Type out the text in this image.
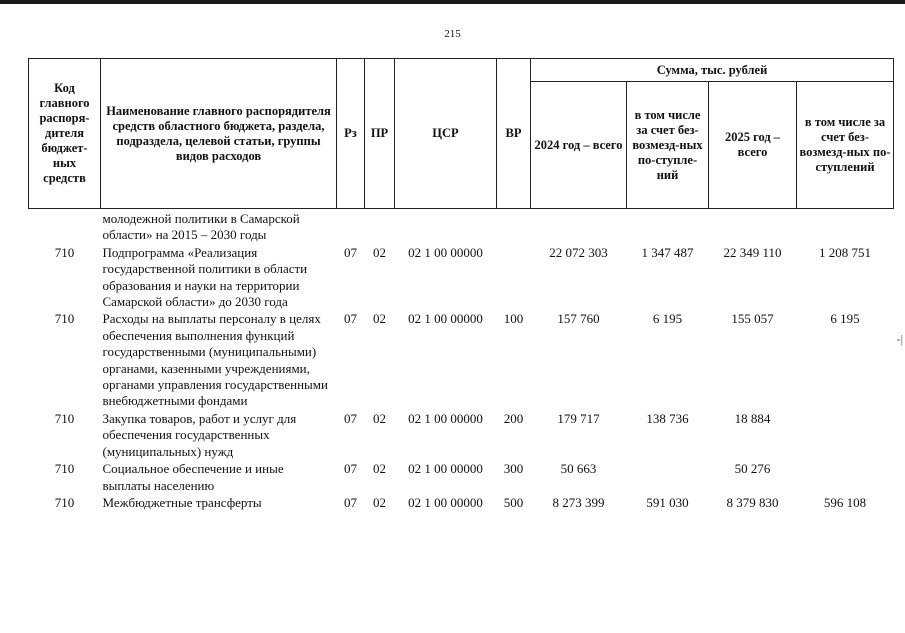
215
-|
Код главного распоря-дителя бюджет-ных средств	Наименование главного распорядителя средств областного бюджета, раздела, подраздела, целевой статьи, группы видов расходов	Рз	ПР	ЦСР	ВР	Сумма, тыс. рублей			
						2024 год – всего	в том числе за счет без-возмезд-ных по-ступле-ний	2025 год – всего	в том числе за счет без-возмезд-ных по-ступлений
	молодежной политики в Самарской области» на 2015 – 2030 годы								
710	Подпрограмма «Реализация государственной политики в области образования и науки на территории Самарской области» до 2030 года	07	02	02 1 00 00000		22 072 303	1 347 487	22 349 110	1 208 751
710	Расходы на выплаты персоналу в целях обеспечения выполнения функций государственными (муниципальными) органами, казенными учреждениями, органами управления государственными внебюджетными фондами	07	02	02 1 00 00000	100	157 760	6 195	155 057	6 195
710	Закупка товаров, работ и услуг для обеспечения государственных (муниципальных) нужд	07	02	02 1 00 00000	200	179 717	138 736	18 884	
710	Социальное обеспечение и иные выплаты населению	07	02	02 1 00 00000	300	50 663		50 276	
710	Межбюджетные трансферты	07	02	02 1 00 00000	500	8 273 399	591 030	8 379 830	596 108
